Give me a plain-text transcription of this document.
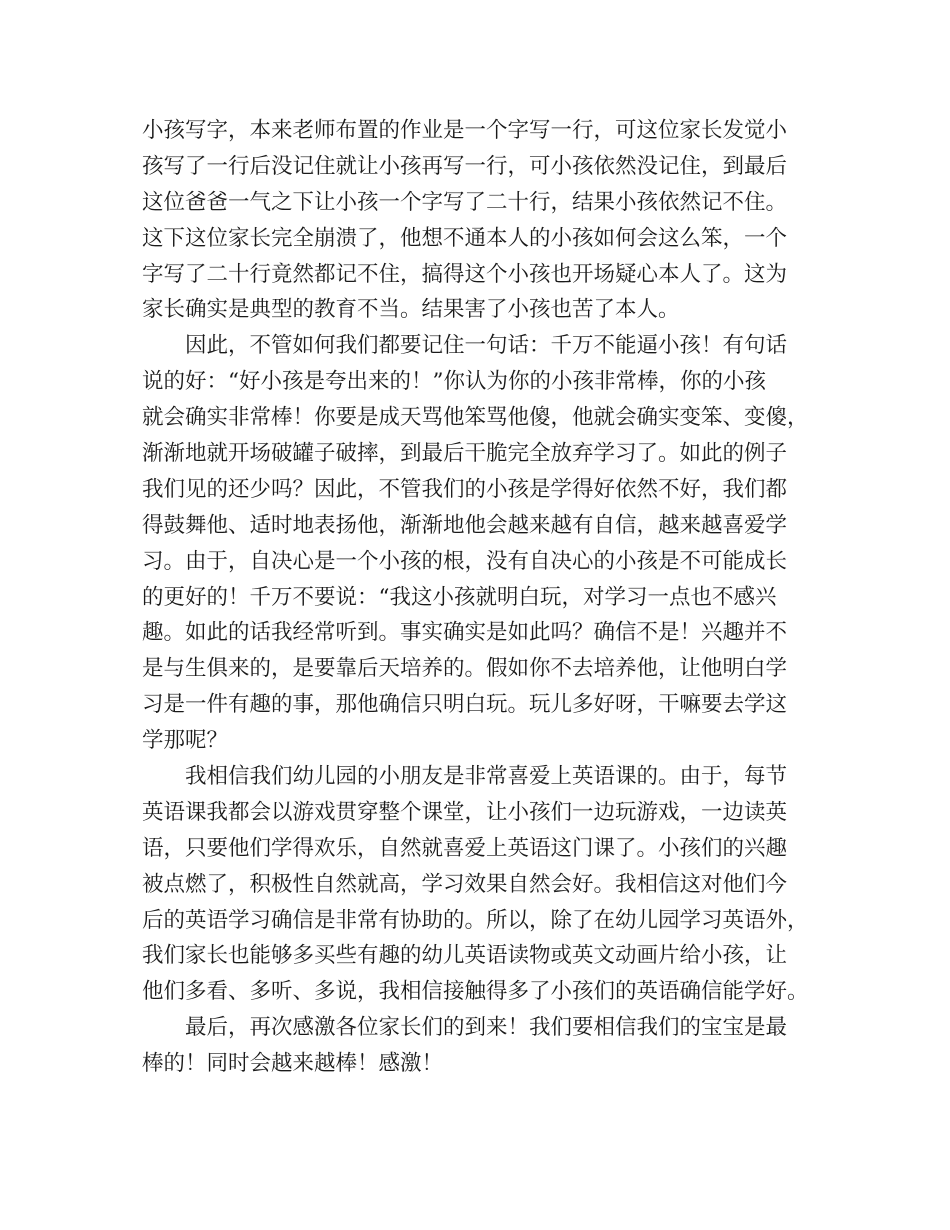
小孩写字，本来老师布置的作业是一个字写一行，可这位家长发觉小
孩写了一行后没记住就让小孩再写一行，可小孩依然没记住，到最后
这位爸爸一气之下让小孩一个字写了二十行，结果小孩依然记不住。
这下这位家长完全崩溃了，他想不通本人的小孩如何会这么笨，一个
字写了二十行竟然都记不住，搞得这个小孩也开场疑心本人了。这为
家长确实是典型的教育不当。结果害了小孩也苦了本人。
因此，不管如何我们都要记住一句话：千万不能逼小孩！有句话
说的好：“好小孩是夸出来的！”你认为你的小孩非常棒，你的小孩
就会确实非常棒！你要是成天骂他笨骂他傻，他就会确实变笨、变傻，
渐渐地就开场破罐子破摔，到最后干脆完全放弃学习了。如此的例子
我们见的还少吗？因此，不管我们的小孩是学得好依然不好，我们都
得鼓舞他、适时地表扬他，渐渐地他会越来越有自信，越来越喜爱学
习。由于，自决心是一个小孩的根，没有自决心的小孩是不可能成长
的更好的！千万不要说：“我这小孩就明白玩，对学习一点也不感兴
趣。如此的话我经常听到。事实确实是如此吗？确信不是！兴趣并不
是与生俱来的，是要靠后天培养的。假如你不去培养他，让他明白学
习是一件有趣的事，那他确信只明白玩。玩儿多好呀，干嘛要去学这
学那呢？
我相信我们幼儿园的小朋友是非常喜爱上英语课的。由于，每节
英语课我都会以游戏贯穿整个课堂，让小孩们一边玩游戏，一边读英
语，只要他们学得欢乐，自然就喜爱上英语这门课了。小孩们的兴趣
被点燃了，积极性自然就高，学习效果自然会好。我相信这对他们今
后的英语学习确信是非常有协助的。所以，除了在幼儿园学习英语外，
我们家长也能够多买些有趣的幼儿英语读物或英文动画片给小孩，让
他们多看、多听、多说，我相信接触得多了小孩们的英语确信能学好。
最后，再次感激各位家长们的到来！我们要相信我们的宝宝是最
棒的！同时会越来越棒！感激！
